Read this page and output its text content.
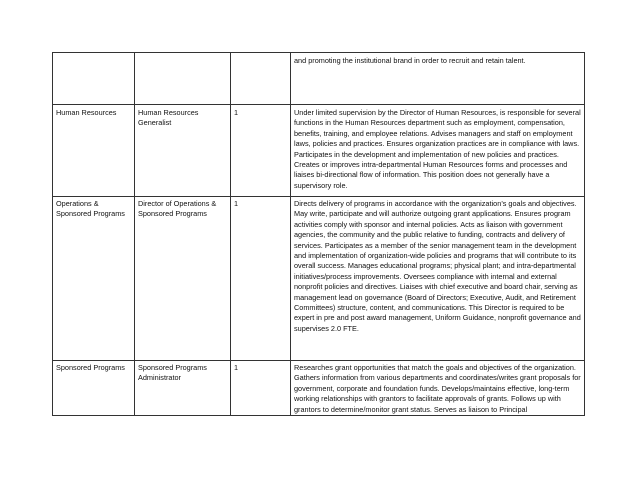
			and promoting the institutional brand in order to recruit and retain talent.
Human Resources	Human Resources Generalist	1	Under limited supervision by the Director of Human Resources, is responsible for several functions in the Human Resources department such as employment, compensation, benefits, training, and employee relations. Advises managers and staff on employment laws, policies and practices. Ensures organization practices are in compliance with laws. Participates in the development and implementation of new policies and practices. Creates or improves intra-departmental Human Resources forms and processes and liaises bi-directional flow of information. This position does not generally have a supervisory role.
Operations & Sponsored Programs	Director of Operations & Sponsored Programs	1	Directs delivery of programs in accordance with the organization’s goals and objectives. May write, participate and will authorize outgoing grant applications. Ensures program activities comply with sponsor and internal policies. Acts as liaison with government agencies, the community and the public relative to funding, contracts and delivery of services. Participates as a member of the senior management team in the development and implementation of organization-wide policies and programs that will contribute to its overall success. Manages educational programs; physical plant; and intra-departmental initiatives/process improvements. Oversees compliance with internal and external nonprofit policies and directives. Liaises with chief executive and board chair, serving as management lead on governance (Board of Directors; Executive, Audit, and Retirement Committees) structure, content, and communications. This Director is required to be expert in pre and post award management, Uniform Guidance, nonprofit governance and supervises 2.0 FTE.
Sponsored Programs	Sponsored Programs Administrator	1	Researches grant opportunities that match the goals and objectives of the organization. Gathers information from various departments and coordinates/writes grant proposals for government, corporate and foundation funds. Develops/maintains effective, long-term working relationships with grantors to facilitate approvals of grants. Follows up with grantors to determine/monitor grant status. Serves as liaison to Principal
